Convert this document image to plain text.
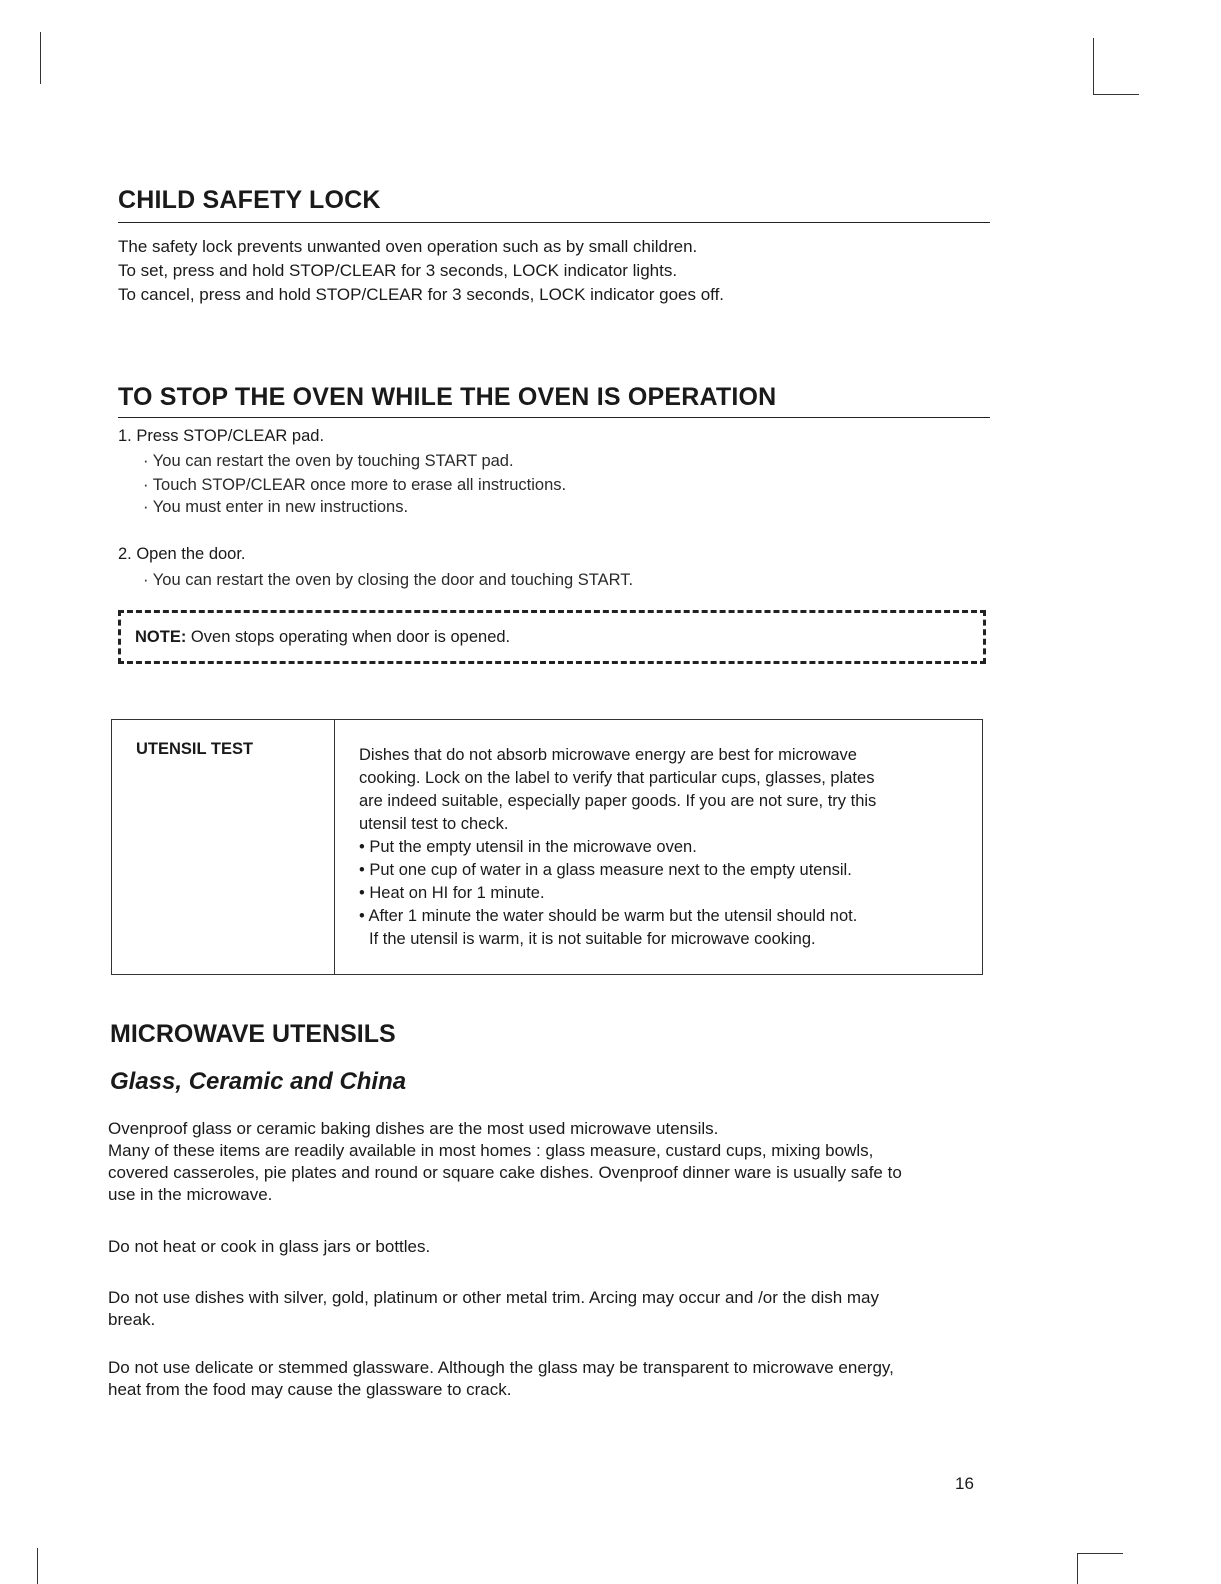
CHILD SAFETY LOCK
The safety lock prevents unwanted oven operation such as by small children.
To set, press and hold STOP/CLEAR for 3 seconds, LOCK indicator lights.
To cancel, press and hold STOP/CLEAR for 3 seconds, LOCK indicator goes off.
TO STOP THE OVEN WHILE THE OVEN IS OPERATION
1. Press STOP/CLEAR pad.
· You can restart the oven by touching START pad.
· Touch STOP/CLEAR once more to erase all instructions.
· You must enter in new instructions.
2. Open the door.
· You can restart the oven by closing the door and touching START.
NOTE: Oven stops operating when door is opened.
UTENSIL TEST	Dishes that do not absorb microwave energy are best for microwave
cooking. Lock on the label to verify that particular cups, glasses, plates
are indeed suitable, especially paper goods. If you are not sure, try this
utensil test to check.
• Put the empty utensil in the microwave oven.
• Put one cup of water in a glass measure next to the empty utensil.
• Heat on HI for 1 minute.
• After 1 minute the water should be warm but the utensil should not.
If the utensil is warm, it is not suitable for microwave cooking.
MICROWAVE UTENSILS
Glass, Ceramic and China
Ovenproof glass or ceramic baking dishes are the most used microwave utensils.
Many of these items are readily available in most homes : glass measure, custard cups, mixing bowls,
covered casseroles, pie plates and round or square cake dishes. Ovenproof dinner ware is usually safe to
use in the microwave.
Do not heat or cook in glass jars or bottles.
Do not use dishes with silver, gold, platinum or other metal trim. Arcing may occur and /or the dish may
break.
Do not use delicate or stemmed glassware. Although the glass may be transparent to microwave energy,
heat from the food may cause the glassware to crack.
16
